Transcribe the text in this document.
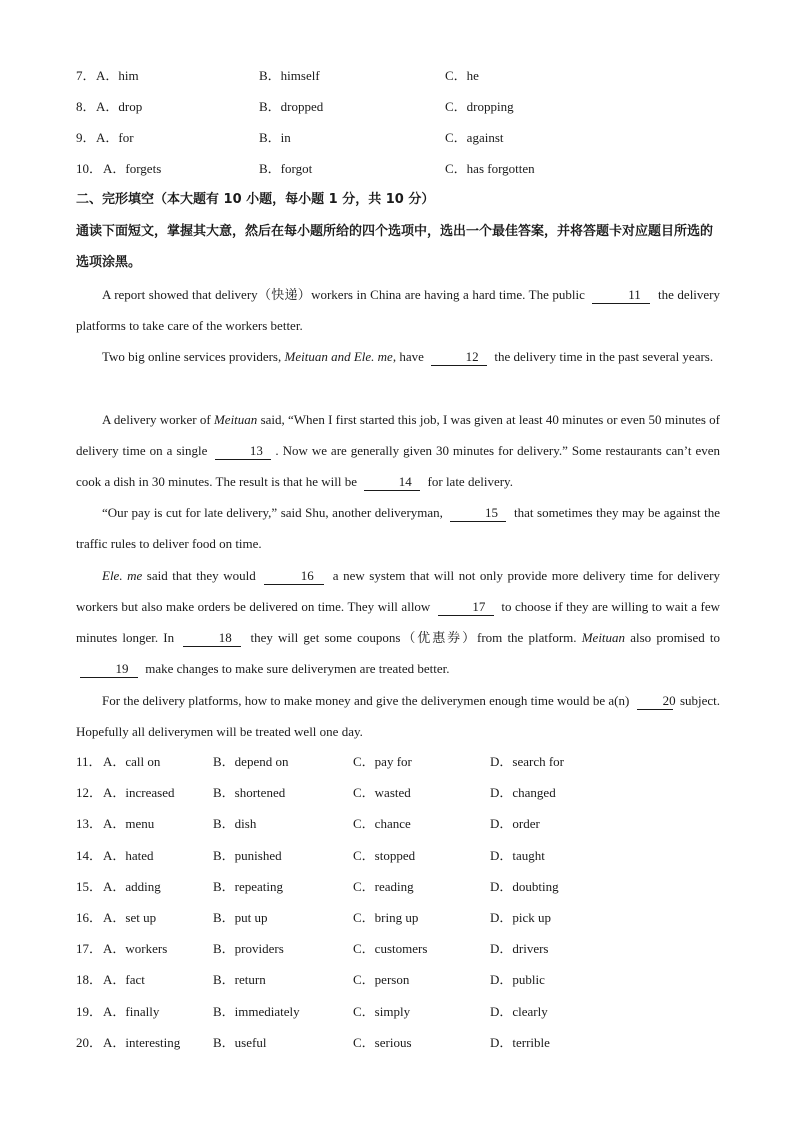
7． A．him	B．himself	C．he
8． A．drop	B．dropped	C．dropping
9． A．for	B．in	C．against
10． A．forgets	B．forgot	C．has forgotten
二、完形填空（本大题有 10 小题，每小题 1 分，共 10 分）
通读下面短文，掌握其大意，然后在每小题所给的四个选项中，选出一个最佳答案，并将答题卡对应题目所选的选项涂黑。
A report showed that delivery（快递）workers in China are having a hard time. The public	11 the delivery platforms to take care of the workers better.
Two big online services providers, Meituan and Ele. me, have	12 the delivery time in the past several years.
A delivery worker of Meituan said, “When I first started this job, I was given at least 40 minutes or even 50 minutes of delivery time on a single	13 . Now we are generally given 30 minutes for delivery.” Some restaurants can’t even cook a dish in 30 minutes. The result is that he will be	14 for late delivery.
“Our pay is cut for late delivery,” said Shu, another deliveryman,	15 that sometimes they may be against the traffic rules to deliver food on time.
Ele. me said that they would	16 a new system that will not only provide more delivery time for delivery workers but also make orders be delivered on time. They will allow	17 to choose if they are willing to wait a few minutes longer. In	18 they will get some coupons（优惠券）from the platform. Meituan also promised to 19 make changes to make sure deliverymen are treated better.
For the delivery platforms, how to make money and give the deliverymen enough time would be a(n)	20 subject. Hopefully all deliverymen will be treated well one day.
11． A．call on	B．depend on	C．pay for	D．search for
12． A．increased	B．shortened	C．wasted	D．changed
13． A．menu	B．dish	C．chance	D．order
14． A．hated	B．punished	C．stopped	D．taught
15． A．adding	B．repeating	C．reading	D．doubting
16． A．set up	B．put up	C．bring up	D．pick up
17． A．workers	B．providers	C．customers	D．drivers
18． A．fact	B．return	C．person	D．public
19． A．finally	B．immediately	C．simply	D．clearly
20． A．interesting	B．useful	C．serious	D．terrible
